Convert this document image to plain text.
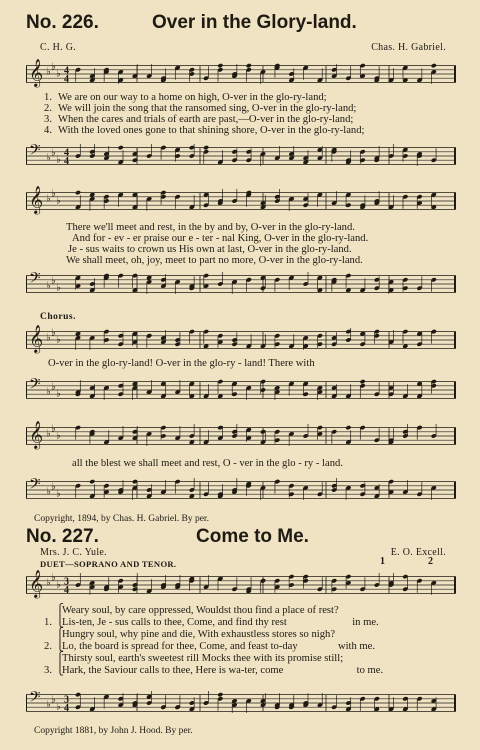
No. 226.	Over in the Glory-land.
C. H. G.	Chas. H. Gabriel.
𝄞 ♭ ♭
♭ 4
4
1. We are on our way to a home on high, O-ver in the glo-ry-land;
2. We will join the song that the ransomed sing, O-ver in the glo-ry-land;
3. When the cares and trials of earth are past,—O-ver in the glo-ry-land;
4. With the loved ones gone to that shining shore, O-ver in the glo-ry-land;
𝄢 ♭ ♭
♭
4
4
𝄞 ♭ ♭
♭
There we'll meet and rest, in the by and by, O-ver in the glo-ry-land.
And for - ev - er praise our e - ter - nal King, O-ver in the glo-ry-land.
Je - sus waits to crown us His own at last, O-ver in the glo-ry-land.
We shall meet, oh, joy, meet to part no more, O-ver in the glo-ry-land.
𝄢 ♭ ♭
♭
Chorus.
𝄞 ♭ ♭
♭
O-ver in the glo-ry-land! O-ver in the glo-ry - land! There with
𝄢 ♭ ♭
♭
𝄞 ♭ ♭
♭
all the blest we shall meet and rest, O - ver in the glo - ry - land.
𝄢 ♭ ♭
♭
Copyright, 1894, by Chas. H. Gabriel. By per.
No. 227.	Come to Me.
Mrs. J. C. Yule.	E. O. Excell.
DUET—SOPRANO AND TENOR.	1	2
𝄞 ♭ ♭
♭ 3
4
⎧Weary soul, by care oppressed, Wouldst thou find a place of rest?
1. ⎩Lis-ten, Je - sus calls to thee, Come, and find thy rest	in me.
⎧Hungry soul, why pine and die, With exhaustless stores so nigh?
2. ⎩Lo, the board is spread for thee, Come, and feast to-day	with me.
⎧Thirsty soul, earth's sweetest rill Mocks thee with its promise still;
3. ⎩Hark, the Saviour calls to thee, Here is wa-ter, come	to me.
𝄢 ♭ ♭
♭
3
4
Copyright 1881, by John J. Hood. By per.
